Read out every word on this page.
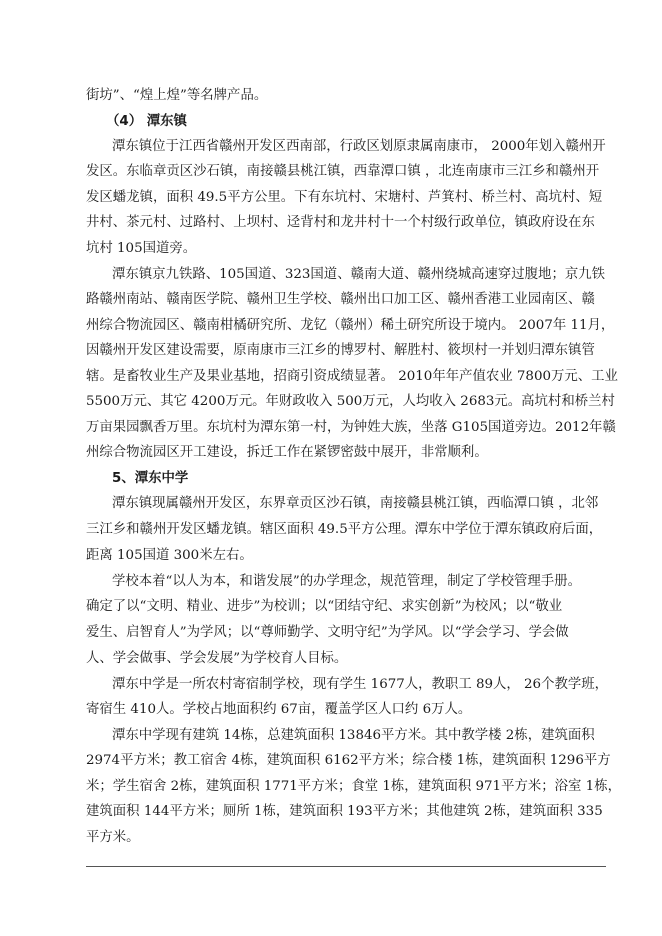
街坊”、“煌上煌”等名牌产品。
（4） 潭东镇
潭东镇位于江西省赣州开发区西南部，行政区划原隶属南康市， 2000年划入赣州开
发区。东临章贡区沙石镇，南接赣县桃江镇，西靠潭口镇 ，北连南康市三江乡和赣州开
发区蟠龙镇，面积 49.5平方公里。下有东坑村、宋塘村、芦箕村、桥兰村、高坑村、短
井村、茶元村、过路村、上坝村、迳背村和龙井村十一个村级行政单位，镇政府设在东
坑村 105国道旁。
潭东镇京九铁路、105国道、323国道、赣南大道、赣州绕城高速穿过腹地；京九铁
路赣州南站、赣南医学院、赣州卫生学校、赣州出口加工区、赣州香港工业园南区、赣
州综合物流园区、赣南柑橘研究所、龙钇（赣州）稀土研究所设于境内。 2007年 11月，
因赣州开发区建设需要，原南康市三江乡的博罗村、解胜村、筱坝村一并划归潭东镇管
辖。是畜牧业生产及果业基地，招商引资成绩显著。 2010年年产值农业 7800万元、工业
5500万元、其它 4200万元。年财政收入 500万元，人均收入 2683元。高坑村和桥兰村
万亩果园飘香万里。东坑村为潭东第一村，为钟姓大族，坐落 G105国道旁边。2012年赣
州综合物流园区开工建设，拆迁工作在紧锣密鼓中展开，非常顺利。
5、潭东中学
潭东镇现属赣州开发区，东界章贡区沙石镇，南接赣县桃江镇，西临潭口镇 ，北邻
三江乡和赣州开发区蟠龙镇。辖区面积 49.5平方公理。潭东中学位于潭东镇政府后面，
距离 105国道 300米左右。
学校本着“以人为本，和谐发展”的办学理念，规范管理，制定了学校管理手册。
确定了以“文明、精业、进步”为校训；以“团结守纪、求实创新”为校风；以“敬业
爱生、启智育人”为学风；以“尊师勤学、文明守纪”为学风。以“学会学习、学会做
人、学会做事、学会发展”为学校育人目标。
潭东中学是一所农村寄宿制学校，现有学生 1677人，教职工 89人， 26个教学班，
寄宿生 410人。学校占地面积约 67亩，覆盖学区人口约 6万人。
潭东中学现有建筑 14栋，总建筑面积 13846平方米。其中教学楼 2栋，建筑面积
2974平方米；教工宿舍 4栋，建筑面积 6162平方米；综合楼 1栋，建筑面积 1296平方
米；学生宿舍 2栋，建筑面积 1771平方米；食堂 1栋，建筑面积 971平方米；浴室 1栋，
建筑面积 144平方米；厕所 1栋，建筑面积 193平方米；其他建筑 2栋，建筑面积 335
平方米。
